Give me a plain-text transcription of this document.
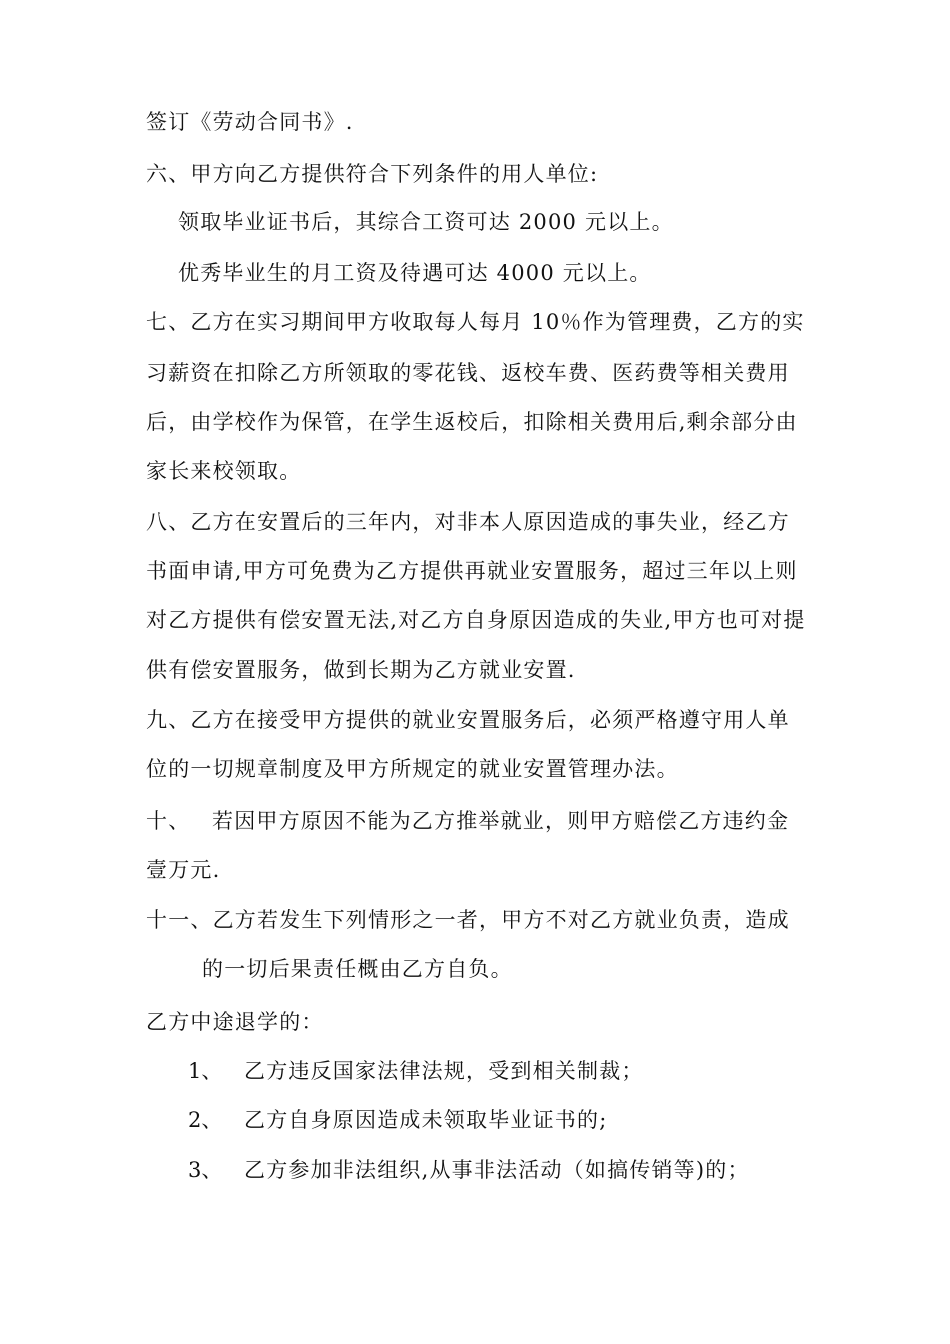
签订《劳动合同书》.
六、甲方向乙方提供符合下列条件的用人单位:
领取毕业证书后，其综合工资可达 2000 元以上。
优秀毕业生的月工资及待遇可达 4000 元以上。
七、乙方在实习期间甲方收取每人每月 10％作为管理费，乙方的实
习薪资在扣除乙方所领取的零花钱、返校车费、医药费等相关费用
后，由学校作为保管，在学生返校后，扣除相关费用后,剩余部分由
家长来校领取。
八、乙方在安置后的三年内，对非本人原因造成的事失业，经乙方
书面申请,甲方可免费为乙方提供再就业安置服务，超过三年以上则
对乙方提供有偿安置无法,对乙方自身原因造成的失业,甲方也可对提
供有偿安置服务，做到长期为乙方就业安置.
九、乙方在接受甲方提供的就业安置服务后，必须严格遵守用人单
位的一切规章制度及甲方所规定的就业安置管理办法。
十、 若因甲方原因不能为乙方推举就业，则甲方赔偿乙方违约金
壹万元.
十一、乙方若发生下列情形之一者，甲方不对乙方就业负责，造成
的一切后果责任概由乙方自负。
乙方中途退学的：
1、 乙方违反国家法律法规，受到相关制裁；
2、 乙方自身原因造成未领取毕业证书的;
3、 乙方参加非法组织,从事非法活动（如搞传销等)的；
